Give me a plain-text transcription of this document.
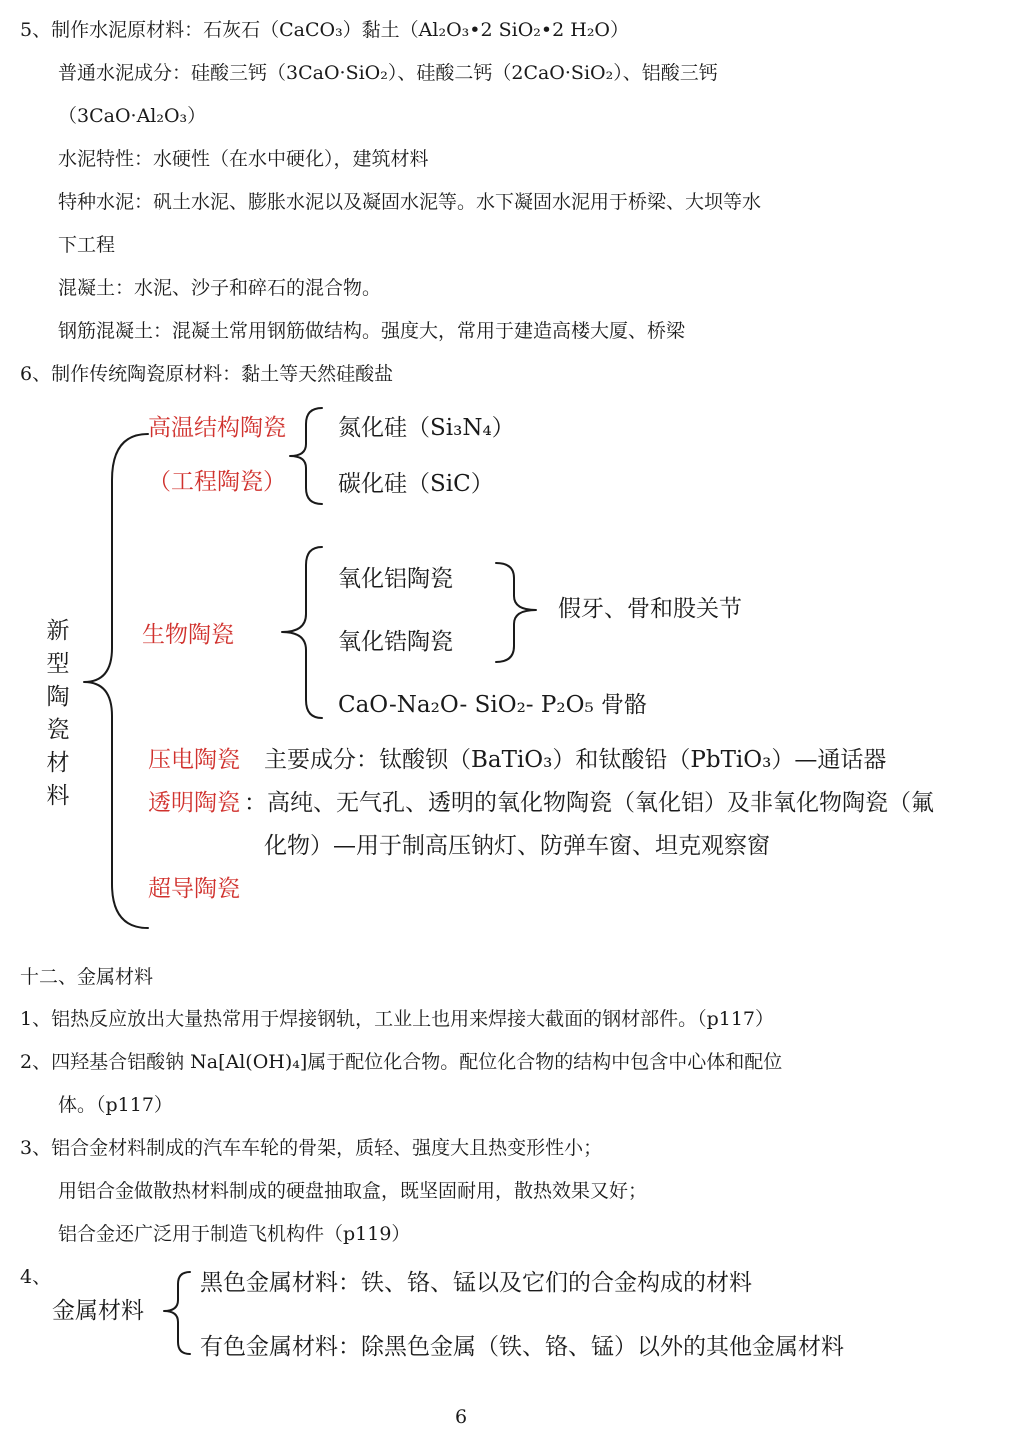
5、制作水泥原材料：石灰石（CaCO₃）黏土（Al₂O₃•2 SiO₂•2 H₂O）
普通水泥成分：硅酸三钙（3CaO·SiO₂）、硅酸二钙（2CaO·SiO₂）、铝酸三钙
（3CaO·Al₂O₃）
水泥特性：水硬性（在水中硬化），建筑材料
特种水泥：矾土水泥、膨胀水泥以及凝固水泥等。水下凝固水泥用于桥梁、大坝等水
下工程
混凝土：水泥、沙子和碎石的混合物。
钢筋混凝土：混凝土常用钢筋做结构。强度大，常用于建造高楼大厦、桥梁
6、制作传统陶瓷原材料：黏土等天然硅酸盐
新
型
陶
瓷
材
料
高温结构陶瓷
（工程陶瓷）
氮化硅（Si₃N₄）
碳化硅（SiC）
生物陶瓷
氧化铝陶瓷
氧化锆陶瓷
假牙、骨和股关节
CaO-Na₂O- SiO₂- P₂O₅ 骨骼
压电陶瓷 主要成分：钛酸钡（BaTiO₃）和钛酸铅（PbTiO₃）—通话器
透明陶瓷 ：高纯、无气孔、透明的氧化物陶瓷（氧化铝）及非氧化物陶瓷（氟
化物）—用于制高压钠灯、防弹车窗、坦克观察窗
超导陶瓷
十二、金属材料
1、铝热反应放出大量热常用于焊接钢轨，工业上也用来焊接大截面的钢材部件。（p117）
2、四羟基合铝酸钠 Na[Al(OH)₄]属于配位化合物。配位化合物的结构中包含中心体和配位
体。（p117）
3、铝合金材料制成的汽车车轮的骨架，质轻、强度大且热变形性小；
用铝合金做散热材料制成的硬盘抽取盒，既坚固耐用，散热效果又好；
铝合金还广泛用于制造飞机构件（p119）
4、
金属材料
黑色金属材料：铁、铬、锰以及它们的合金构成的材料
有色金属材料：除黑色金属（铁、铬、锰）以外的其他金属材料
6
